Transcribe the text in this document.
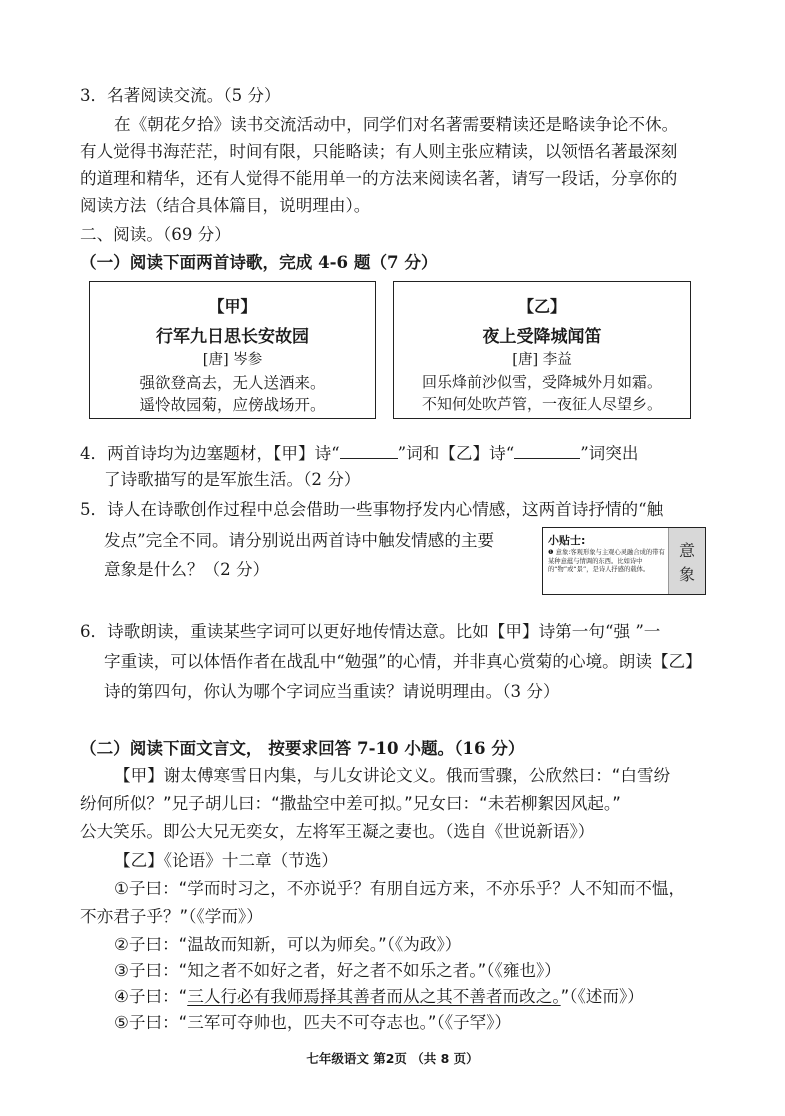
3．名著阅读交流。（5 分）
在《朝花夕拾》读书交流活动中，同学们对名著需要精读还是略读争论不休。
有人觉得书海茫茫，时间有限，只能略读；有人则主张应精读，以领悟名著最深刻
的道理和精华，还有人觉得不能用单一的方法来阅读名著，请写一段话，分享你的
阅读方法（结合具体篇目，说明理由）。
二、阅读。（69 分）
（一）阅读下面两首诗歌，完成 4-6 题（7 分）
【甲】
行军九日思长安故园
[唐] 岑参
强欲登高去，无人送酒来。
遥怜故园菊，应傍战场开。
【乙】
夜上受降城闻笛
[唐] 李益
回乐烽前沙似雪，受降城外月如霜。
不知何处吹芦管，一夜征人尽望乡。
4．两首诗均为边塞题材，【甲】诗“	”词和【乙】诗“	”词突出
了诗歌描写的是军旅生活。（2 分）
5．诗人在诗歌创作过程中总会借助一些事物抒发内心情感，这两首诗抒情的“触
发点”完全不同。请分别说出两首诗中触发情感的主要
意象是什么？（2 分）
小贴士:
❶ 意象:客观形象与主观心灵融合成的带有某种意蕴与情调的东西。比如诗中的“物”或“景”，是诗人抒感的载体。
意
象
6．诗歌朗读，重读某些字词可以更好地传情达意。比如【甲】诗第一句“强 ”一
字重读，可以体悟作者在战乱中“勉强”的心情，并非真心赏菊的心境。朗读【乙】
诗的第四句，你认为哪个字词应当重读？请说明理由。（3 分）
（二）阅读下面文言文， 按要求回答 7-10 小题。（16 分）
【甲】谢太傅寒雪日内集，与儿女讲论文义。俄而雪骤，公欣然曰：“白雪纷
纷何所似？”兄子胡儿曰：“撒盐空中差可拟。”兄女曰：“未若柳絮因风起。”
公大笑乐。即公大兄无奕女，左将军王凝之妻也。（选自《世说新语》）
【乙】《论语》十二章（节选）
①子曰：“学而时习之，不亦说乎？有朋自远方来，不亦乐乎？人不知而不愠，
不亦君子乎？”（《学而》）
②子曰：“温故而知新，可以为师矣。”（《为政》）
③子曰：“知之者不如好之者，好之者不如乐之者。”（《雍也》）
④子曰：“三人行必有我师焉择其善者而从之其不善者而改之。”（《述而》）
⑤子曰：“三军可夺帅也，匹夫不可夺志也。”（《子罕》）
七年级语文 第2页 （共 8 页）
